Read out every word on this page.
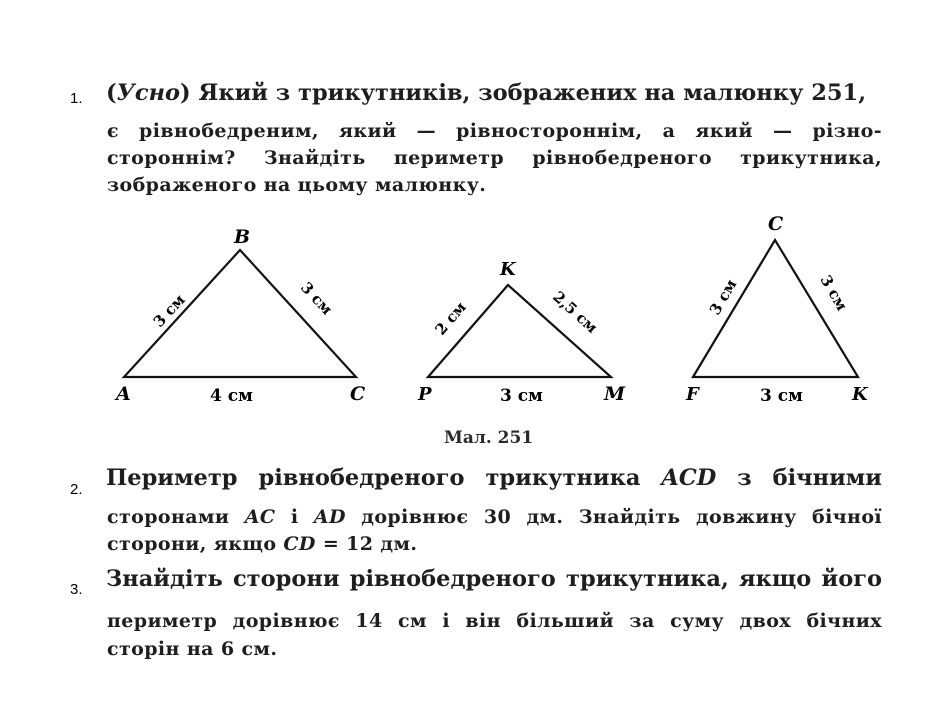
1. (Усно) Який з трикутників, зображених на малюнку 251,
є рівнобедреним, який — рівностороннім, а який — різно-
стороннім? Знайдіть периметр рівнобедреного трикутника,
зображеного на цьому малюнку.
A
B
C
3 см	3 см
4 см	P
K
M
2 см	2,5 см
3 см	F
C
K
3 см	3 см
3 см
Мал. 251
2. Периметр рівнобедреного трикутника ACD з бічними
сторонами AC і AD дорівнює 30 дм. Знайдіть довжину бічної
сторони, якщо CD = 12 дм.
3. Знайдіть сторони рівнобедреного трикутника, якщо його
периметр дорівнює 14 см і він більший за суму двох бічних
сторін на 6 см.
